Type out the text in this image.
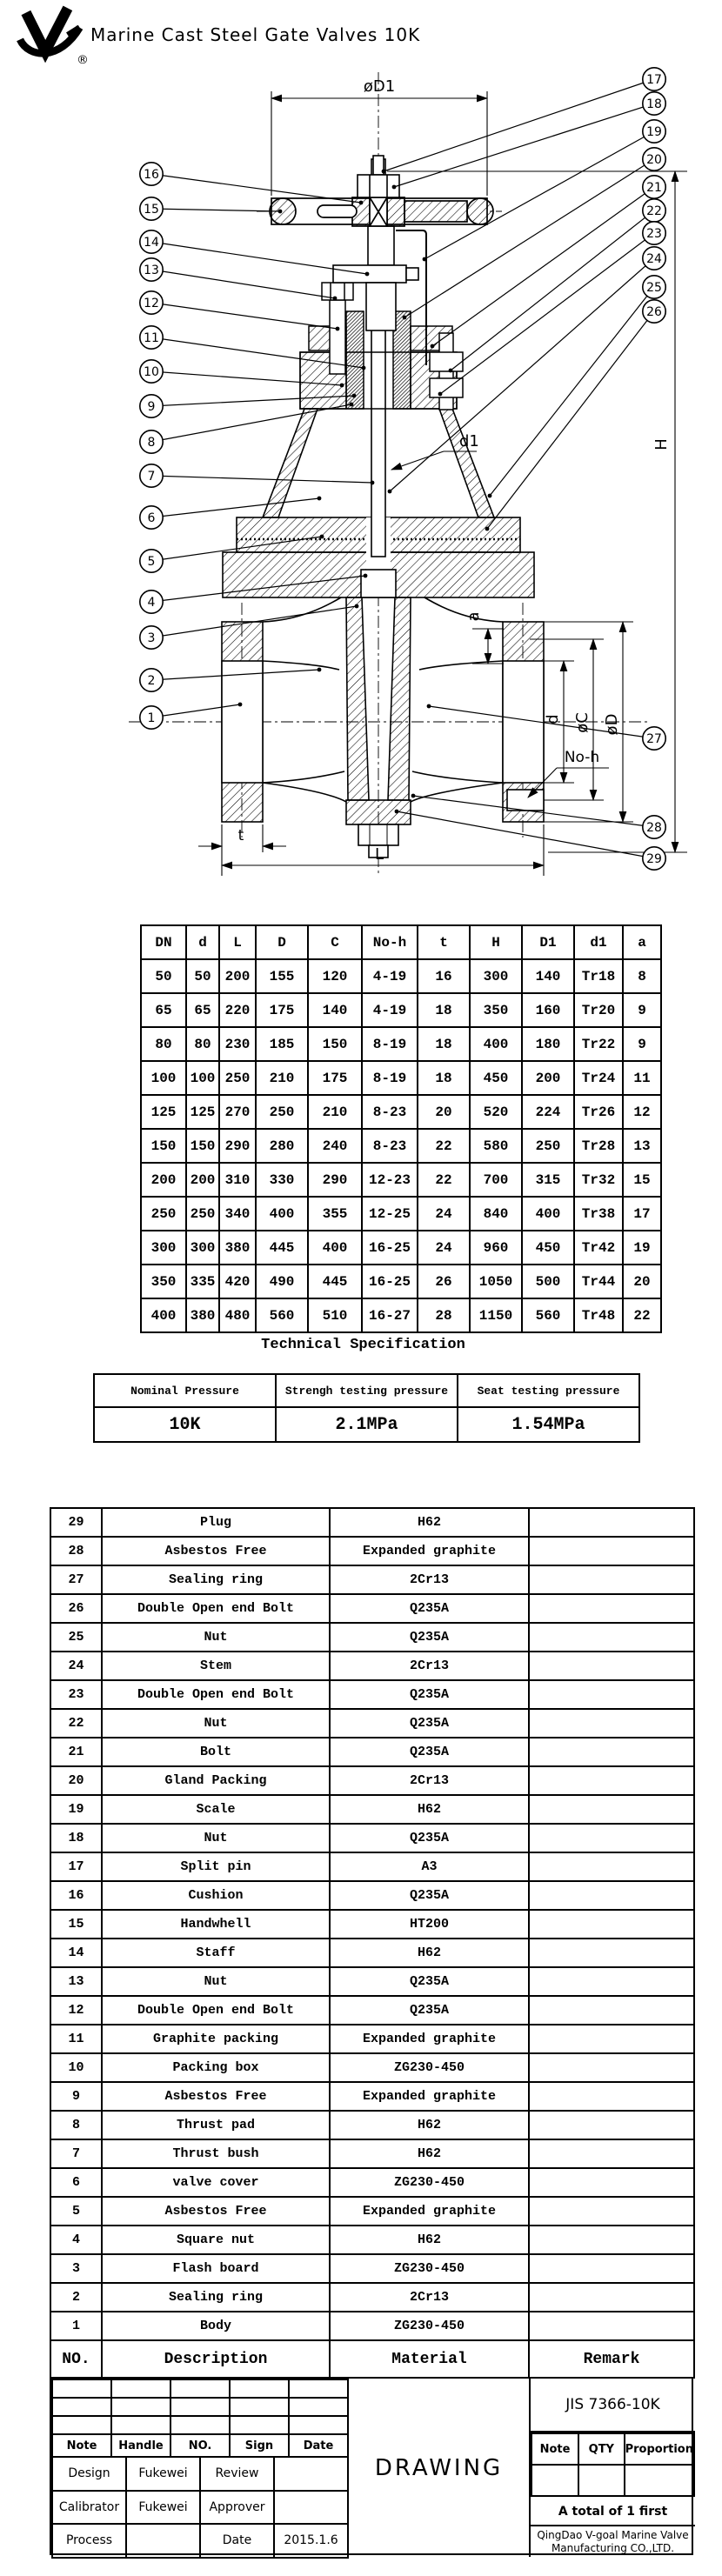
®
Marine Cast Steel Gate Valves 10K
øD1
H
d1
a
d øC øD
No-h
t
L
16
15
14
13
12
11
10
9
8
7
6
5
4
3
2
1
17
18
19
20
21
22
23
24
25
26
27
28
29
DN	d	L	D	C	No-h	t	H	D1	d1	a
50	50	200	155	120	4-19	16	300	140	Tr18	8
65	65	220	175	140	4-19	18	350	160	Tr20	9
80	80	230	185	150	8-19	18	400	180	Tr22	9
100	100	250	210	175	8-19	18	450	200	Tr24	11
125	125	270	250	210	8-23	20	520	224	Tr26	12
150	150	290	280	240	8-23	22	580	250	Tr28	13
200	200	310	330	290	12-23	22	700	315	Tr32	15
250	250	340	400	355	12-25	24	840	400	Tr38	17
300	300	380	445	400	16-25	24	960	450	Tr42	19
350	335	420	490	445	16-25	26	1050	500	Tr44	20
400	380	480	560	510	16-27	28	1150	560	Tr48	22
Technical Specification
Nominal Pressure	Strengh testing pressure	Seat testing pressure
10K	2.1MPa	1.54MPa
29	Plug	H62	
28	Asbestos Free	Expanded graphite	
27	Sealing ring	2Cr13	
26	Double Open end Bolt	Q235A	
25	Nut	Q235A	
24	Stem	2Cr13	
23	Double Open end Bolt	Q235A	
22	Nut	Q235A	
21	Bolt	Q235A	
20	Gland Packing	2Cr13	
19	Scale	H62	
18	Nut	Q235A	
17	Split pin	A3	
16	Cushion	Q235A	
15	Handwhell	HT200	
14	Staff	H62	
13	Nut	Q235A	
12	Double Open end Bolt	Q235A	
11	Graphite packing	Expanded graphite	
10	Packing box	ZG230-450	
9	Asbestos Free	Expanded graphite	
8	Thrust pad	H62	
7	Thrust bush	H62	
6	valve cover	ZG230-450	
5	Asbestos Free	Expanded graphite	
4	Square nut	H62	
3	Flash board	ZG230-450	
2	Sealing ring	2Cr13	
1	Body	ZG230-450	
NO.	Description	Material	Remark

Note	Handle	NO.	Sign	Date
Design	Fukewei	Review	
Calibrator	Fukewei	Approver	
Process		Date	2015.1.6
DRAWING
JIS 7366-10K
Note	QTY	Proportion

A total of 1 first
QingDao V-goal Marine Valve
Manufacturing CO.,LTD.
